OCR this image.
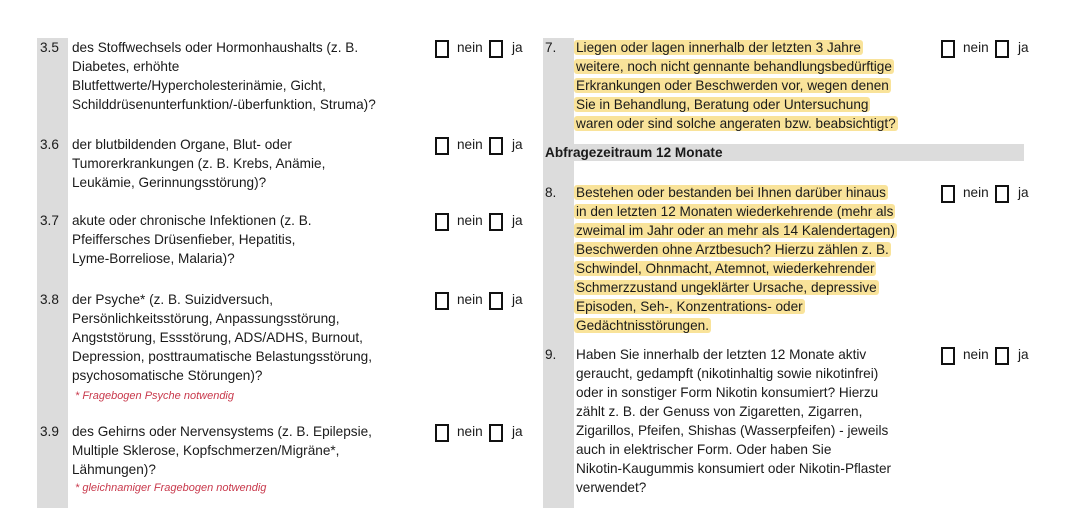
Abfragezeitraum 12 Monate
3.5 des Stoffwechsels oder Hormonhaushalts (z. B.
Diabetes, erhöhte
Blutfettwerte/Hypercholesterinämie, Gicht,
Schilddrüsenunterfunktion/-überfunktion, Struma)?
nein ja
3.6 der blutbildenden Organe, Blut- oder
Tumorerkrankungen (z. B. Krebs, Anämie,
Leukämie, Gerinnungsstörung)?
nein ja
3.7 akute oder chronische Infektionen (z. B.
Pfeiffersches Drüsenfieber, Hepatitis,
Lyme-Borreliose, Malaria)?
nein ja
3.8 der Psyche* (z. B. Suizidversuch,
Persönlichkeitsstörung, Anpassungsstörung,
Angststörung, Essstörung, ADS/ADHS, Burnout,
Depression, posttraumatische Belastungsstörung,
psychosomatische Störungen)?
* Fragebogen Psyche notwendig
nein ja
3.9 des Gehirns oder Nervensystems (z. B. Epilepsie,
Multiple Sklerose, Kopfschmerzen/Migräne*,
Lähmungen)?
* gleichnamiger Fragebogen notwendig
nein ja
7. Liegen oder lagen innerhalb der letzten 3 Jahre
weitere, noch nicht gennante behandlungsbedürftige
Erkrankungen oder Beschwerden vor, wegen denen
Sie in Behandlung, Beratung oder Untersuchung
waren oder sind solche angeraten bzw. beabsichtigt?
nein ja
8. Bestehen oder bestanden bei Ihnen darüber hinaus
in den letzten 12 Monaten wiederkehrende (mehr als
zweimal im Jahr oder an mehr als 14 Kalendertagen)
Beschwerden ohne Arztbesuch? Hierzu zählen z. B.
Schwindel, Ohnmacht, Atemnot, wiederkehrender
Schmerzzustand ungeklärter Ursache, depressive
Episoden, Seh-, Konzentrations- oder
Gedächtnisstörungen.
nein ja
9. Haben Sie innerhalb der letzten 12 Monate aktiv
geraucht, gedampft (nikotinhaltig sowie nikotinfrei)
oder in sonstiger Form Nikotin konsumiert? Hierzu
zählt z. B. der Genuss von Zigaretten, Zigarren,
Zigarillos, Pfeifen, Shishas (Wasserpfeifen) - jeweils
auch in elektrischer Form. Oder haben Sie
Nikotin-Kaugummis konsumiert oder Nikotin-Pflaster
verwendet?
nein ja
